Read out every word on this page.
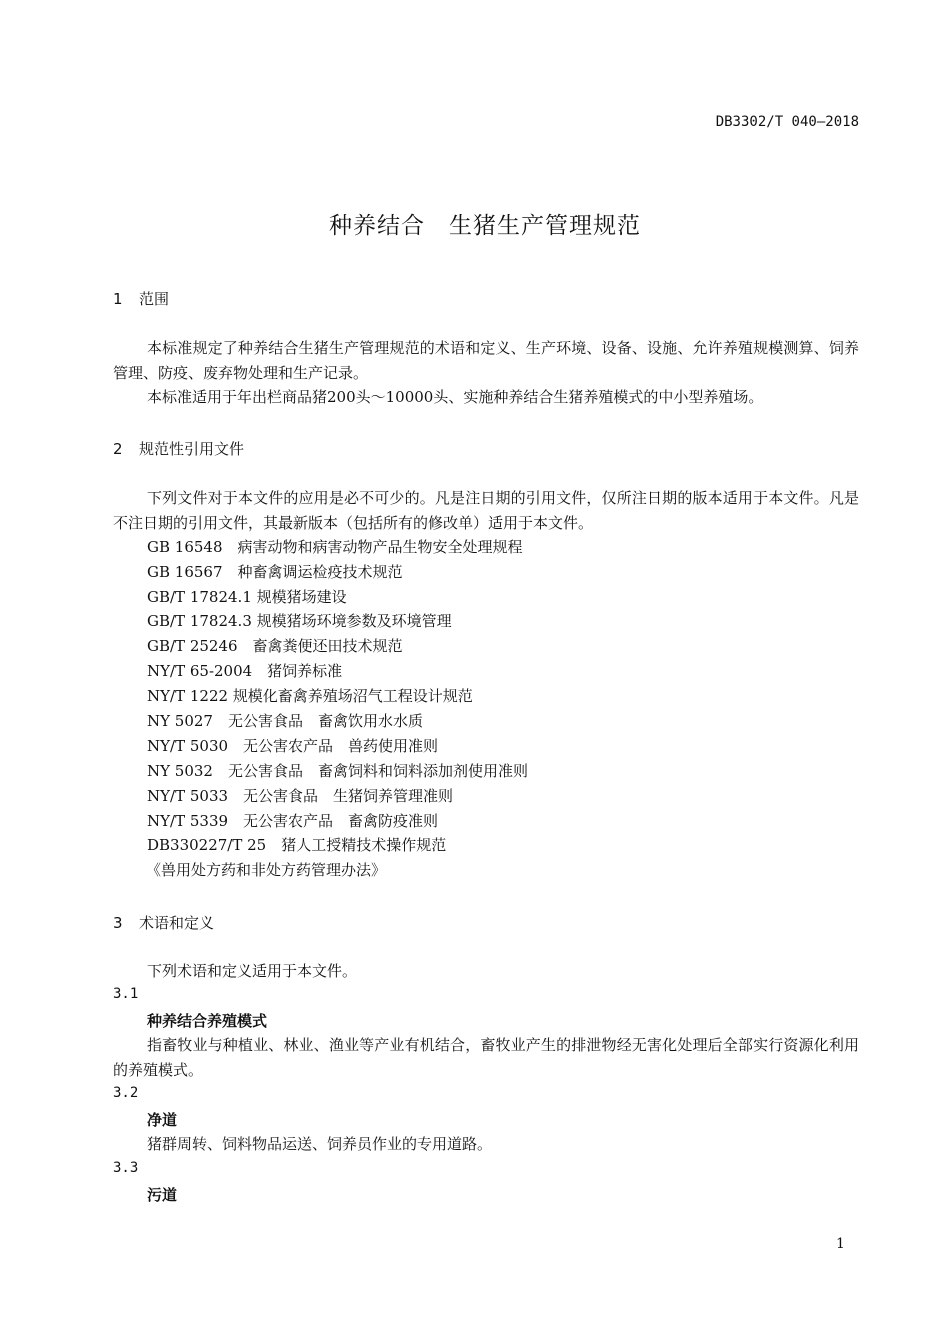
DB3302/T 040—2018
种养结合　生猪生产管理规范
1 范围
本标准规定了种养结合生猪生产管理规范的术语和定义、生产环境、设备、设施、允许养殖规模测算、饲养管理、防疫、废弃物处理和生产记录。
本标准适用于年出栏商品猪200头～10000头、实施种养结合生猪养殖模式的中小型养殖场。
2 规范性引用文件
下列文件对于本文件的应用是必不可少的。凡是注日期的引用文件，仅所注日期的版本适用于本文件。凡是不注日期的引用文件，其最新版本（包括所有的修改单）适用于本文件。
GB 16548　病害动物和病害动物产品生物安全处理规程
GB 16567　种畜禽调运检疫技术规范
GB/T 17824.1 规模猪场建设
GB/T 17824.3 规模猪场环境参数及环境管理
GB/T 25246　畜禽粪便还田技术规范
NY/T 65-2004　猪饲养标准
NY/T 1222 规模化畜禽养殖场沼气工程设计规范
NY 5027　无公害食品　畜禽饮用水水质
NY/T 5030　无公害农产品　兽药使用准则
NY 5032　无公害食品　畜禽饲料和饲料添加剂使用准则
NY/T 5033　无公害食品　生猪饲养管理准则
NY/T 5339　无公害农产品　畜禽防疫准则
DB330227/T 25　猪人工授精技术操作规范
《兽用处方药和非处方药管理办法》
3 术语和定义
下列术语和定义适用于本文件。
3.1
种养结合养殖模式
指畜牧业与种植业、林业、渔业等产业有机结合，畜牧业产生的排泄物经无害化处理后全部实行资源化利用的养殖模式。
3.2
净道
猪群周转、饲料物品运送、饲养员作业的专用道路。
3.3
污道
1
